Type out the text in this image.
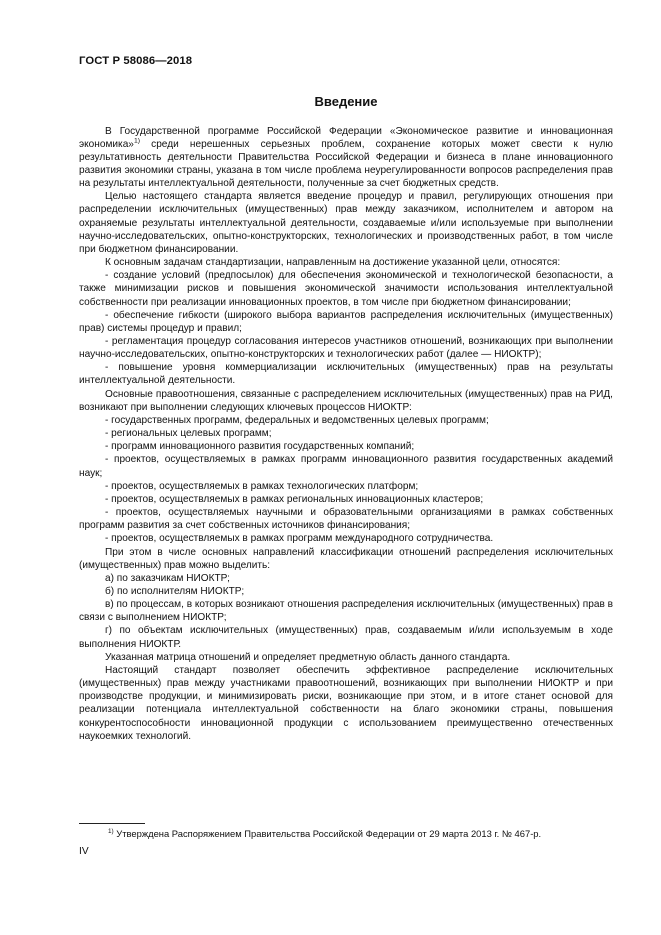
ГОСТ Р 58086—2018
Введение

В Государственной программе Российской Федерации «Экономическое развитие и инновационная экономика»$^{1)}$ среди нерешенных серьезных проблем, сохранение которых может свести к нулю результативность деятельности Правительства Российской Федерации и бизнеса в плане инновационного развития экономики страны, указана в том числе проблема неурегулированности вопросов распределения прав на результаты интеллектуальной деятельности, полученные за счет бюджетных средств.

Целью настоящего стандарта является введение процедур и правил, регулирующих отношения при распределении исключительных (имущественных) прав между заказчиком, исполнителем и автором на охраняемые результаты интеллектуальной деятельности, создаваемые и/или используемые при выполнении научно-исследовательских, опытно-конструкторских, технологических и производственных работ, в том числе при бюджетном финансировании.

К основным задачам стандартизации, направленным на достижение указанной цели, относятся:

- создание условий (предпосылок) для обеспечения экономической и технологической безопасности, а также минимизации рисков и повышения экономической значимости использования интеллектуальной собственности при реализации инновационных проектов, в том числе при бюджетном финансировании;

- обеспечение гибкости (широкого выбора вариантов распределения исключительных (имущественных) прав) системы процедур и правил;

- регламентация процедур согласования интересов участников отношений, возникающих при выполнении научно-исследовательских, опытно-конструкторских и технологических работ (далее — НИОКТР);

- повышение уровня коммерциализации исключительных (имущественных) прав на результаты интеллектуальной деятельности.

Основные правоотношения, связанные с распределением исключительных (имущественных) прав на РИД, возникают при выполнении следующих ключевых процессов НИОКТР:

- государственных программ, федеральных и ведомственных целевых программ;

- региональных целевых программ;

- программ инновационного развития государственных компаний;

- проектов, осуществляемых в рамках программ инновационного развития государственных академий наук;

- проектов, осуществляемых в рамках технологических платформ;

- проектов, осуществляемых в рамках региональных инновационных кластеров;

- проектов, осуществляемых научными и образовательными организациями в рамках собственных программ развития за счет собственных источников финансирования;

- проектов, осуществляемых в рамках программ международного сотрудничества.

При этом в числе основных направлений классификации отношений распределения исключительных (имущественных) прав можно выделить:

а) по заказчикам НИОКТР;

б) по исполнителям НИОКТР;

в) по процессам, в которых возникают отношения распределения исключительных (имущественных) прав в связи с выполнением НИОКТР;

г) по объектам исключительных (имущественных) прав, создаваемым и/или используемым в ходе выполнения НИОКТР.

Указанная матрица отношений и определяет предметную область данного стандарта.

Настоящий стандарт позволяет обеспечить эффективное распределение исключительных (имущественных) прав между участниками правоотношений, возникающих при выполнении НИОКТР и при производстве продукции, и минимизировать риски, возникающие при этом, и в итоге станет основой для реализации потенциала интеллектуальной собственности на благо экономики страны, повышения конкурентоспособности инновационной продукции с использованием преимущественно отечественных наукоемких технологий.

$^{1)}$ Утверждена Распоряжением Правительства Российской Федерации от 29 марта 2013 г. № 467-р.
IV
